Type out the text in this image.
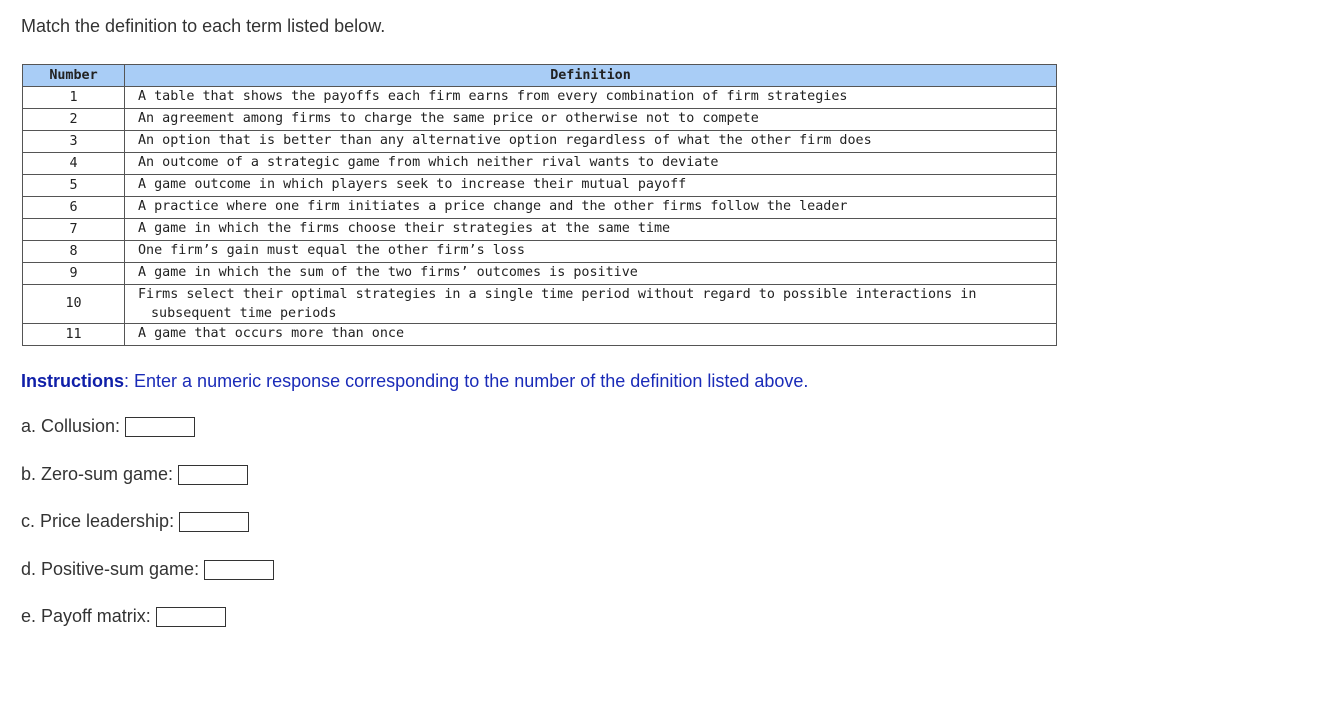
Match the definition to each term listed below.
Number	Definition
1	A table that shows the payoffs each firm earns from every combination of firm strategies
2	An agreement among firms to charge the same price or otherwise not to compete
3	An option that is better than any alternative option regardless of what the other firm does
4	An outcome of a strategic game from which neither rival wants to deviate
5	A game outcome in which players seek to increase their mutual payoff
6	A practice where one firm initiates a price change and the other firms follow the leader
7	A game in which the firms choose their strategies at the same time
8	One firm’s gain must equal the other firm’s loss
9	A game in which the sum of the two firms’ outcomes is positive
10	Firms select their optimal strategies in a single time period without regard to possible interactions in subsequent time periods

11	A game that occurs more than once
Instructions: Enter a numeric response corresponding to the number of the definition listed above.
a. Collusion:
b. Zero-sum game:
c. Price leadership:
d. Positive-sum game:
e. Payoff matrix:
